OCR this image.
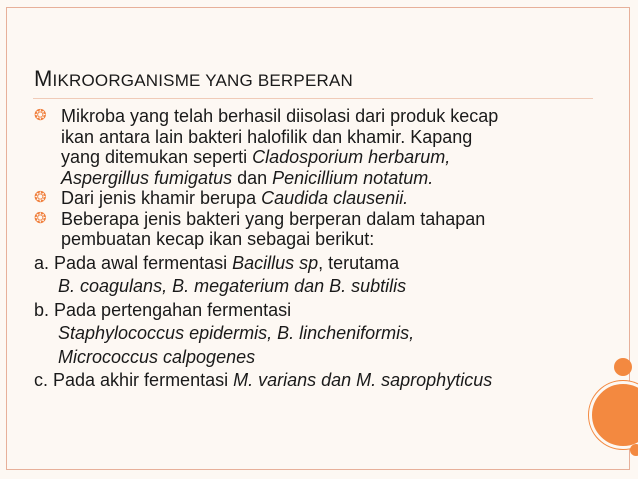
MIKROORGANISME YANG BERPERAN
❂ Mikroba yang telah berhasil diisolasi dari produk kecap
ikan antara lain bakteri halofilik dan khamir. Kapang
yang ditemukan seperti Cladosporium herbarum,
Aspergillus fumigatus dan Penicillium notatum.
❂ Dari jenis khamir berupa Caudida clausenii.
❂ Beberapa jenis bakteri yang berperan dalam tahapan
pembuatan kecap ikan sebagai berikut:
a. Pada awal fermentasi Bacillus sp, terutama
B. coagulans, B. megaterium dan B. subtilis
b. Pada pertengahan fermentasi
Staphylococcus epidermis, B. lincheniformis,
Micrococcus calpogenes
c. Pada akhir fermentasi M. varians dan M. saprophyticus
